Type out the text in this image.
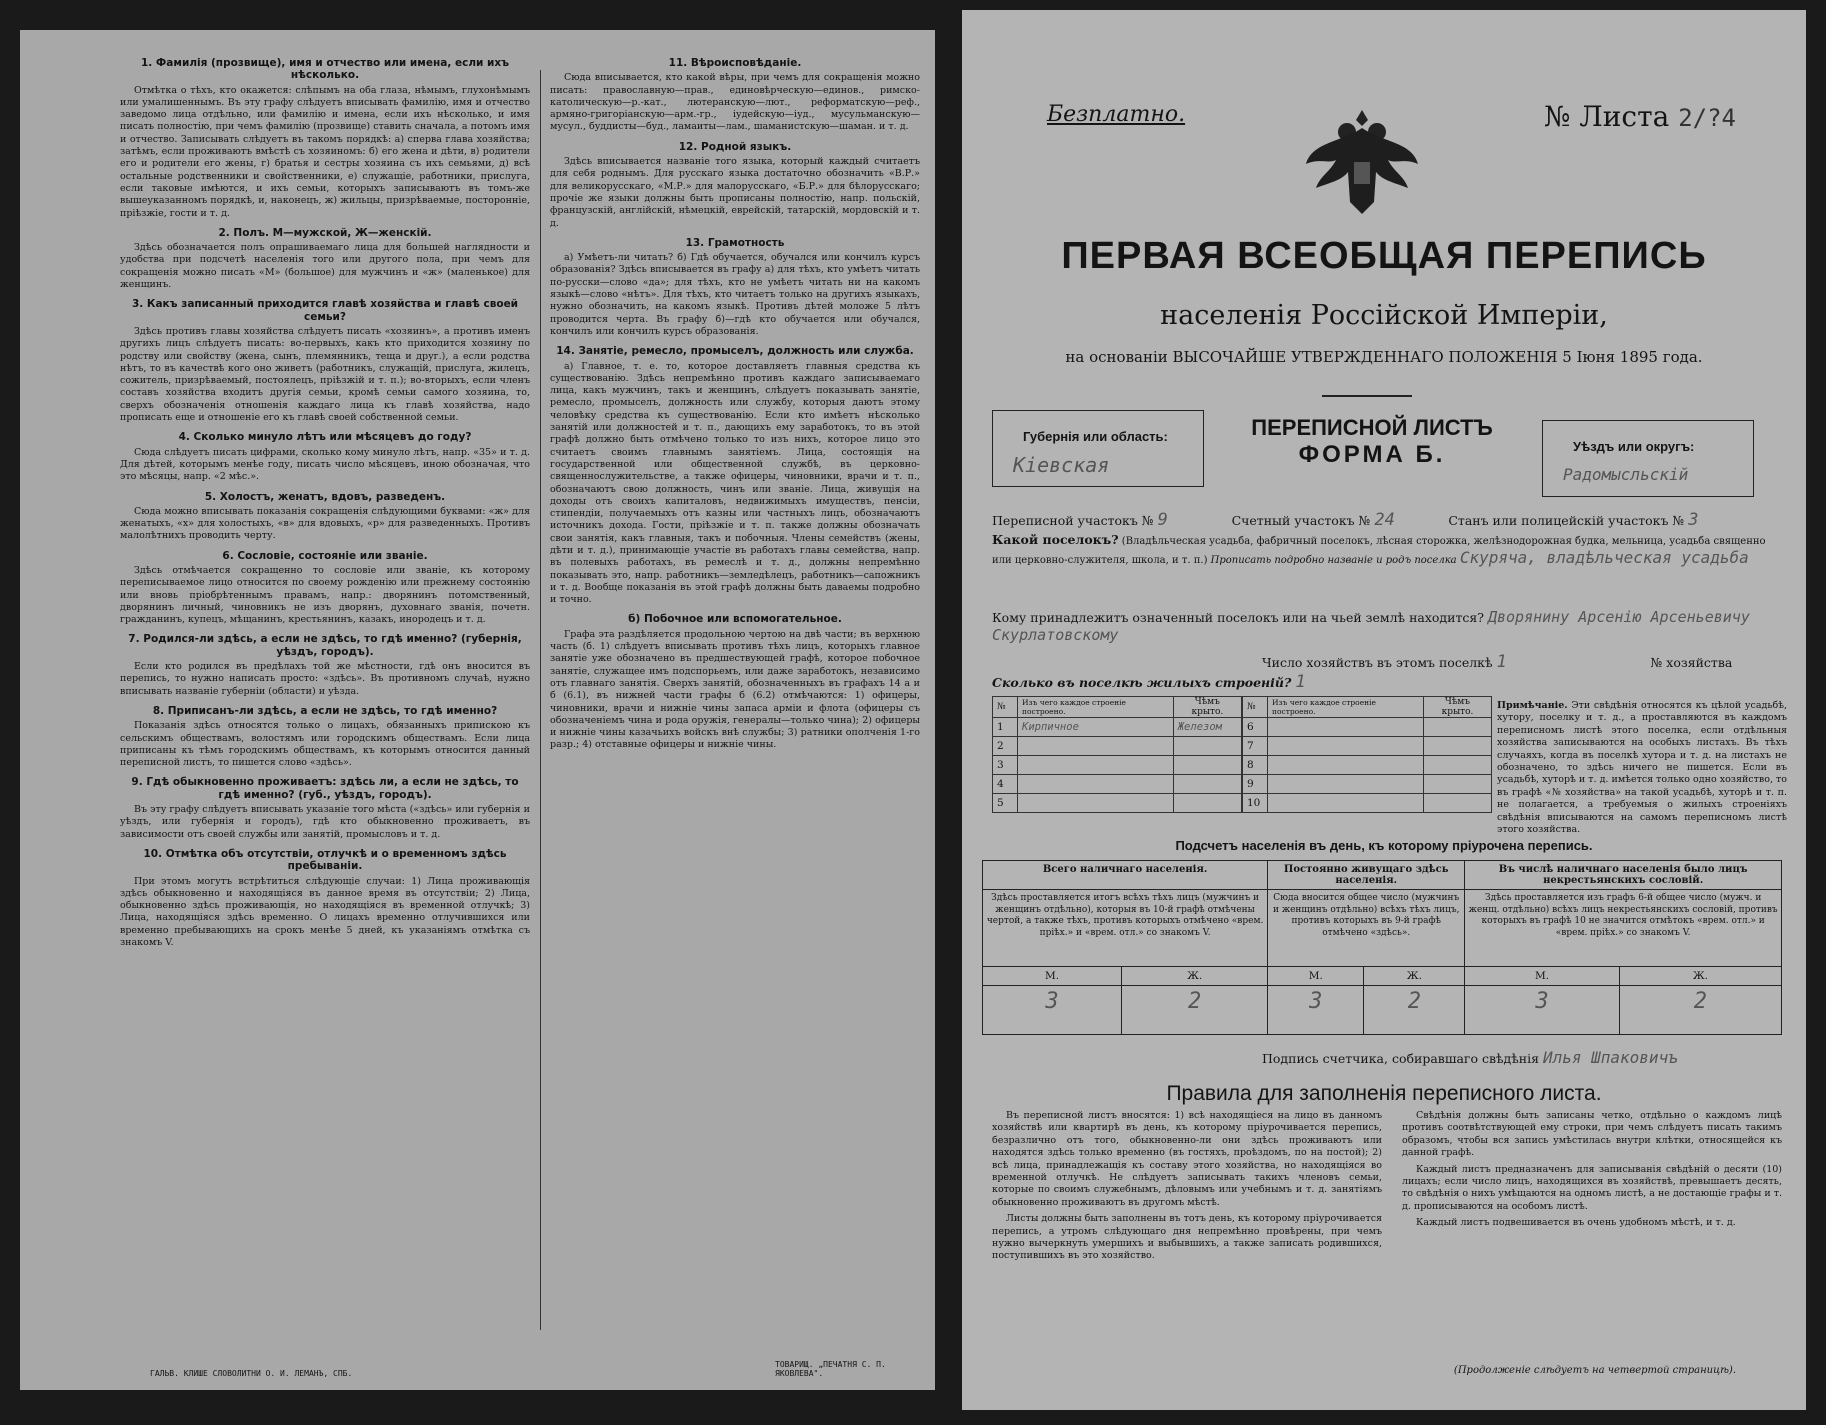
1. Фамилія (прозвище), имя и отчество или имена, если ихъ нѣсколько.

Отмѣтка о тѣхъ, кто окажется: слѣпымъ на оба глаза, нѣмымъ, глухонѣмымъ или умалишеннымъ. Въ эту графу слѣдуетъ вписывать фамилію, имя и отчество заведомо лица отдѣльно, или фамилію и имена, если ихъ нѣсколько, и имя писать полностію, при чемъ фамилію (прозвище) ставить сначала, а потомъ имя и отчество. Записывать слѣдуетъ въ такомъ порядкѣ: а) сперва глава хозяйства; затѣмъ, если проживаютъ вмѣстѣ съ хозяиномъ: б) его жена и дѣти, в) родители его и родители его жены, г) братья и сестры хозяина съ ихъ семьями, д) всѣ остальные родственники и свойственники, е) служащіе, работники, прислуга, если таковые имѣются, и ихъ семьи, которыхъ записываютъ въ томъ-же вышеуказанномъ порядкѣ, и, наконецъ, ж) жильцы, призрѣваемые, посторонніе, пріѣзжіе, гости и т. д.

2. Полъ. М—мужской, Ж—женскій.

Здѣсь обозначается полъ опрашиваемаго лица для большей наглядности и удобства при подсчетѣ населенія того или другого пола, при чемъ для сокращенія можно писать «М» (большое) для мужчинъ и «ж» (маленькое) для женщинъ.

3. Какъ записанный приходится главѣ хозяйства и главѣ своей семьи?

Здѣсь противъ главы хозяйства слѣдуетъ писать «хозяинъ», а противъ именъ другихъ лицъ слѣдуетъ писать: во-первыхъ, какъ кто приходится хозяину по родству или свойству (жена, сынъ, племянникъ, теща и друг.), а если родства нѣтъ, то въ качествѣ кого оно живетъ (работникъ, служащій, прислуга, жилецъ, сожитель, призрѣваемый, постоялецъ, пріѣзжій и т. п.); во-вторыхъ, если членъ составъ хозяйства входитъ другія семьи, кромѣ семьи самого хозяина, то, сверхъ обозначенія отношенія каждаго лица къ главѣ хозяйства, надо прописать еще и отношеніе его къ главѣ своей собственной семьи.

4. Сколько минуло лѣтъ или мѣсяцевъ до году?

Сюда слѣдуетъ писать цифрами, сколько кому минуло лѣтъ, напр. «35» и т. д. Для дѣтей, которымъ менѣе году, писать число мѣсяцевъ, иною обозначая, что это мѣсяцы, напр. «2 мѣс.».

5. Холостъ, женатъ, вдовъ, разведенъ.

Сюда можно вписывать показанія сокращенія слѣдующими буквами: «ж» для женатыхъ, «х» для холостыхъ, «в» для вдовыхъ, «р» для разведенныхъ. Противъ малолѣтнихъ проводить черту.

6. Сословіе, состояніе или званіе.

Здѣсь отмѣчается сокращенно то сословіе или званіе, къ которому переписываемое лицо относится по своему рожденію или прежнему состоянію или вновь пріобрѣтеннымъ правамъ, напр.: дворянинъ потомственный, дворянинъ личный, чиновникъ не изъ дворянъ, духовнаго званія, почетн. гражданинъ, купецъ, мѣщанинъ, крестьянинъ, казакъ, инородецъ и т. д.

7. Родился-ли здѣсь, а если не здѣсь, то гдѣ именно? (губернія, уѣздъ, городъ).

Если кто родился въ предѣлахъ той же мѣстности, гдѣ онъ вносится въ перепись, то нужно написать просто: «здѣсь». Въ противномъ случаѣ, нужно вписывать названіе губерніи (области) и уѣзда.

8. Приписанъ-ли здѣсь, а если не здѣсь, то гдѣ именно?

Показанія здѣсь относятся только о лицахъ, обязанныхъ припискою къ сельскимъ обществамъ, волостямъ или городскимъ обществамъ. Если лица приписаны къ тѣмъ городскимъ обществамъ, къ которымъ относится данный переписной листъ, то пишется слово «здѣсь».

9. Гдѣ обыкновенно проживаетъ: здѣсь ли, а если не здѣсь, то гдѣ именно? (губ., уѣздъ, городъ).

Въ эту графу слѣдуетъ вписывать указаніе того мѣста («здѣсь» или губернія и уѣздъ, или губернія и городъ), гдѣ кто обыкновенно проживаетъ, въ зависимости отъ своей службы или занятій, промысловъ и т. д.

10. Отмѣтка объ отсутствіи, отлучкѣ и о временномъ здѣсь пребываніи.

При этомъ могутъ встрѣтиться слѣдующіе случаи: 1) Лица проживающія здѣсь обыкновенно и находящіяся въ данное время въ отсутствіи; 2) Лица, обыкновенно здѣсь проживающія, но находящіяся въ временной отлучкѣ; 3) Лица, находящіяся здѣсь временно. О лицахъ временно отлучившихся или временно пребывающихъ на срокъ менѣе 5 дней, къ указаніямъ отмѣтка съ знакомъ V.

11. Вѣроисповѣданіе.

Сюда вписывается, кто какой вѣры, при чемъ для сокращенія можно писать: православную—прав., единовѣрческую—единов., римско-католическую—р.-кат., лютеранскую—лют., реформатскую—реф., армяно-григоріанскую—арм.-гр., іудейскую—іуд., мусульманскую—мусул., буддисты—буд., ламаиты—лам., шаманистскую—шаман. и т. д.

12. Родной языкъ.

Здѣсь вписывается названіе того языка, который каждый считаетъ для себя роднымъ. Для русскаго языка достаточно обозначить «В.Р.» для великорусскаго, «М.Р.» для малорусскаго, «Б.Р.» для бѣлорусскаго; прочіе же языки должны быть прописаны полностію, напр. польскій, французскій, англійскій, нѣмецкій, еврейскій, татарскій, мордовскій и т. д.

13. Грамотность

а) Умѣетъ-ли читать? б) Гдѣ обучается, обучался или кончилъ курсъ образованія? Здѣсь вписывается въ графу а) для тѣхъ, кто умѣетъ читать по-русски—слово «да»; для тѣхъ, кто не умѣетъ читать ни на какомъ языкѣ—слово «нѣтъ». Для тѣхъ, кто читаетъ только на другихъ языкахъ, нужно обозначить, на какомъ языкѣ. Противъ дѣтей моложе 5 лѣтъ проводится черта. Въ графу б)—гдѣ кто обучается или обучался, кончилъ или кончилъ курсъ образованія.

14. Занятіе, ремесло, промыселъ, должность или служба.

а) Главное, т. е. то, которое доставляетъ главныя средства къ существованію. Здѣсь непремѣнно противъ каждаго записываемаго лица, какъ мужчинъ, такъ и женщинъ, слѣдуетъ показывать занятіе, ремесло, промыселъ, должность или службу, которыя даютъ этому человѣку средства къ существованію. Если кто имѣетъ нѣсколько занятій или должностей и т. п., дающихъ ему заработокъ, то въ этой графѣ должно быть отмѣчено только то изъ нихъ, которое лицо это считаетъ своимъ главнымъ занятіемъ. Лица, состоящія на государственной или общественной службѣ, въ церковно-священнослужительстве, а также офицеры, чиновники, врачи и т. п., обозначаютъ свою должность, чинъ или званіе. Лица, живущія на доходы отъ своихъ капиталовъ, недвижимыхъ имуществъ, пенсіи, стипендіи, получаемыхъ отъ казны или частныхъ лицъ, обозначаютъ источникъ дохода. Гости, пріѣзжіе и т. п. также должны обозначать свои занятія, какъ главныя, такъ и побочныя. Члены семействъ (жены, дѣти и т. д.), принимающіе участіе въ работахъ главы семейства, напр. въ полевыхъ работахъ, въ ремеслѣ и т. д., должны непремѣнно показывать это, напр. работникъ—земледѣлецъ, работникъ—сапожникъ и т. д. Вообще показанія въ этой графѣ должны быть даваемы подробно и точно.

б) Побочное или вспомогательное.

Графа эта раздѣляется продольною чертою на двѣ части; въ верхнюю часть (б. 1) слѣдуетъ вписывать противъ тѣхъ лицъ, которыхъ главное занятіе уже обозначено въ предшествующей графѣ, которое побочное занятіе, служащее имъ подспорьемъ, или даже заработокъ, независимо отъ главнаго занятія. Сверхъ занятій, обозначенныхъ въ графахъ 14 а и б (6.1), въ нижней части графы б (6.2) отмѣчаются: 1) офицеры, чиновники, врачи и нижніе чины запаса арміи и флота (офицеры съ обозначеніемъ чина и рода оружія, генералы—только чина); 2) офицеры и нижніе чины казачьихъ войскъ внѣ службы; 3) ратники ополченія 1-го разр.; 4) отставные офицеры и нижніе чины.

ГАЛЬВ. КЛИШЕ СЛОВОЛИТНИ О. И. ЛЕМАНЪ, СПБ.
ТОВАРИЩ. „ПЕЧАТНЯ С. П. ЯКОВЛЕВА".
Безплатно.	№ Листа 2/?4
ПЕРВАЯ ВСЕОБЩАЯ ПЕРЕПИСЬ
населенія Россійской Имперіи,
на основаніи ВЫСОЧАЙШЕ УТВЕРЖДЕННАГО ПОЛОЖЕНІЯ 5 Іюня 1895 года.
Губернія или область:
Кіевская
ПЕРЕПИСНОЙ ЛИСТЪ
ФОРМА Б.	Уѣздъ или округъ:
Радомысльскій
Переписной участокъ № 9	Счетный участокъ № 24	Станъ или полицейскій участокъ № 3
Какой поселокъ? (Владѣльческая усадьба, фабричный поселокъ, лѣсная сторожка, желѣзнодорожная будка, мельница, усадьба священно или церковно-служителя, школа, и т. п.) Прописать подробно названіе и родъ поселка Скуряча, владѣльческая усадьба
Кому принадлежитъ означенный поселокъ или на чьей землѣ находится? Дворянину Арсенію Арсеньевичу Скурлатовскому
Число хозяйствъ въ этомъ поселкѣ 1	№ хозяйства
Сколько въ поселкѣ жилыхъ строеній? 1
№	Изъ чего каждое строеніе построено.	Чѣмъ крыто.
1	Кирпичное	Железом
2		
3		
4		
5		
№	Изъ чего каждое строеніе построено.	Чѣмъ крыто.
6		
7		
8		
9		
10		
Примѣчаніе. Эти свѣдѣнія относятся къ цѣлой усадьбѣ, хутору, поселку и т. д., а проставляются въ каждомъ переписномъ листѣ этого поселка, если отдѣльныя хозяйства записываются на особыхъ листахъ. Въ тѣхъ случаяхъ, когда въ поселкѣ хутора и т. д. на листахъ не обозначено, то здѣсь ничего не пишется. Если въ усадьбѣ, хуторѣ и т. д. имѣется только одно хозяйство, то въ графѣ «№ хозяйства» на такой усадьбѣ, хуторѣ и т. п. не полагается, а требуемыя о жилыхъ строеніяхъ свѣдѣнія вписываются на самомъ переписномъ листѣ этого хозяйства.
Подсчетъ населенія въ день, къ которому пріурочена перепись.
Всего наличнаго населенія.		Постоянно живущаго здѣсь населенія.		Въ числѣ наличнаго населенія было лицъ некрестьянскихъ сословій.	
Здѣсь проставляется итогъ всѣхъ тѣхъ лицъ (мужчинъ и женщинъ отдѣльно), которыя въ 10-й графѣ отмѣчены чертой, а также тѣхъ, противъ которыхъ отмѣчено «врем. пріѣх.» и «врем. отл.» со знакомъ V.		Сюда вносится общее число (мужчинъ и женщинъ отдѣльно) всѣхъ тѣхъ лицъ, противъ которыхъ въ 9-й графѣ отмѣчено «здѣсь».		Здѣсь проставляется изъ графъ 6-й общее число (мужч. и женщ. отдѣльно) всѣхъ лицъ некрестьянскихъ сословій, противъ которыхъ въ графѣ 10 не значится отмѣтокъ «врем. отл.» и «врем. пріѣх.» со знакомъ V.	
М.	Ж.	М.	Ж.	М.	Ж.
3	2	3	2	3	2
Подпись счетчика, собиравшаго свѣдѣнія Илья Шпаковичъ
Правила для заполненія переписного листа.

Въ переписной листъ вносятся: 1) всѣ находящіеся на лицо въ данномъ хозяйствѣ или квартирѣ въ день, къ которому пріурочивается перепись, безразлично отъ того, обыкновенно-ли они здѣсь проживаютъ или находятся здѣсь только временно (въ гостяхъ, проѣздомъ, по на постой); 2) всѣ лица, принадлежащія къ составу этого хозяйства, но находящіяся во временной отлучкѣ. Не слѣдуетъ записывать такихъ членовъ семьи, которые по своимъ служебнымъ, дѣловымъ или учебнымъ и т. д. занятіямъ обыкновенно проживаютъ въ другомъ мѣстѣ.

Листы должны быть заполнены въ тотъ день, къ которому пріурочивается перепись, а утромъ слѣдующаго дня непремѣнно провѣрены, при чемъ нужно вычеркнуть умершихъ и выбывшихъ, а также записать родившихся, поступившихъ въ это хозяйство.

Свѣдѣнія должны быть записаны четко, отдѣльно о каждомъ лицѣ противъ соотвѣтствующей ему строки, при чемъ слѣдуетъ писать такимъ образомъ, чтобы вся запись умѣстилась внутри клѣтки, относящейся къ данной графѣ.

Каждый листъ предназначенъ для записыванія свѣдѣній о десяти (10) лицахъ; если число лицъ, находящихся въ хозяйствѣ, превышаетъ десять, то свѣдѣнія о нихъ умѣщаются на одномъ листѣ, а не достающіе графы и т. д. прописываются на особомъ листѣ.

Каждый листъ подвешивается въ очень удобномъ мѣстѣ, и т. д.

(Продолженіе слѣдуетъ на четвертой страницѣ).
